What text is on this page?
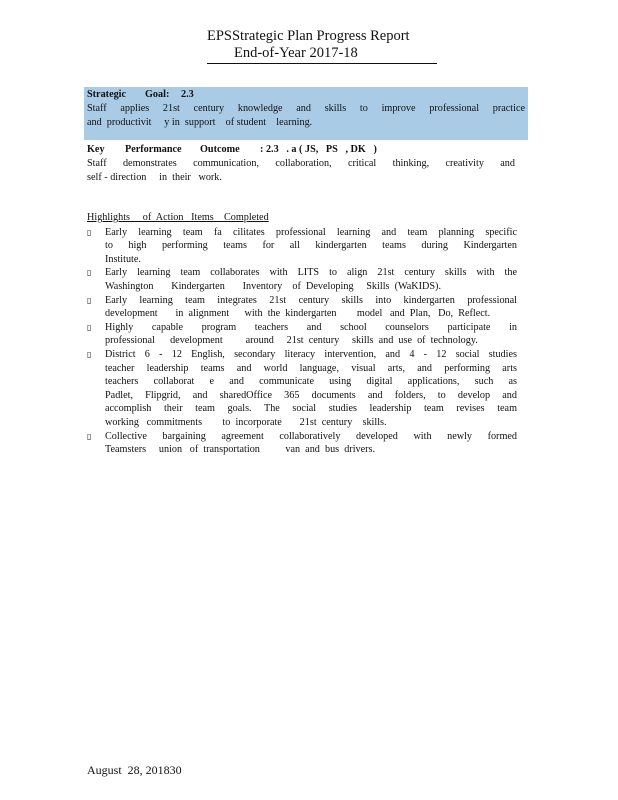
EPSStrategic Plan Progress Report
End-of-Year 2017-18
Strategic	Goal:	2.3
Staff applies 21st century knowledge and skills to improve professional practice
and  productivit     y in  support    of student    learning.
Key	Performance	Outcome	: 2.3   . a ( JS,   PS   , DK   )
Staff demonstrates communication, collaboration, critical thinking, creativity and
self - direction     in  their   work.
Highlights     of  Action   Items    Completed
▯	Early learning team fa cilitates professional learning and team planning specific
to high performing teams for all kindergarten teams during Kindergarten
Institute.
▯	Early learning team collaborates with LITS to align 21st century skills with the
Washington       Kindergarten       Inventory    of  Developing     Skills  (WaKIDS).
▯	Early learning team integrates 21st century skills into kindergarten professional
development       in  alignment      with  the  kindergarten        model   and  Plan,   Do,  Reflect.
▯	Highly capable program teachers and school counselors participate in
professional      development         around     21st  century     skills  and  use  of  technology.
▯	District 6 - 12 English, secondary literacy intervention, and 4 - 12 social studies
teacher leadership teams and world language, visual arts, and performing arts
teachers collaborat e and communicate using digital applications, such as
Padlet, Flipgrid, and sharedOffice 365 documents and folders, to develop and
accomplish their team goals. The social studies leadership team revises team
working   commitments        to  incorporate       21st  century    skills.
▯	Collective bargaining agreement collaboratively developed with newly formed
Teamsters     union   of  transportation          van  and  bus  drivers.
August  28, 201830
